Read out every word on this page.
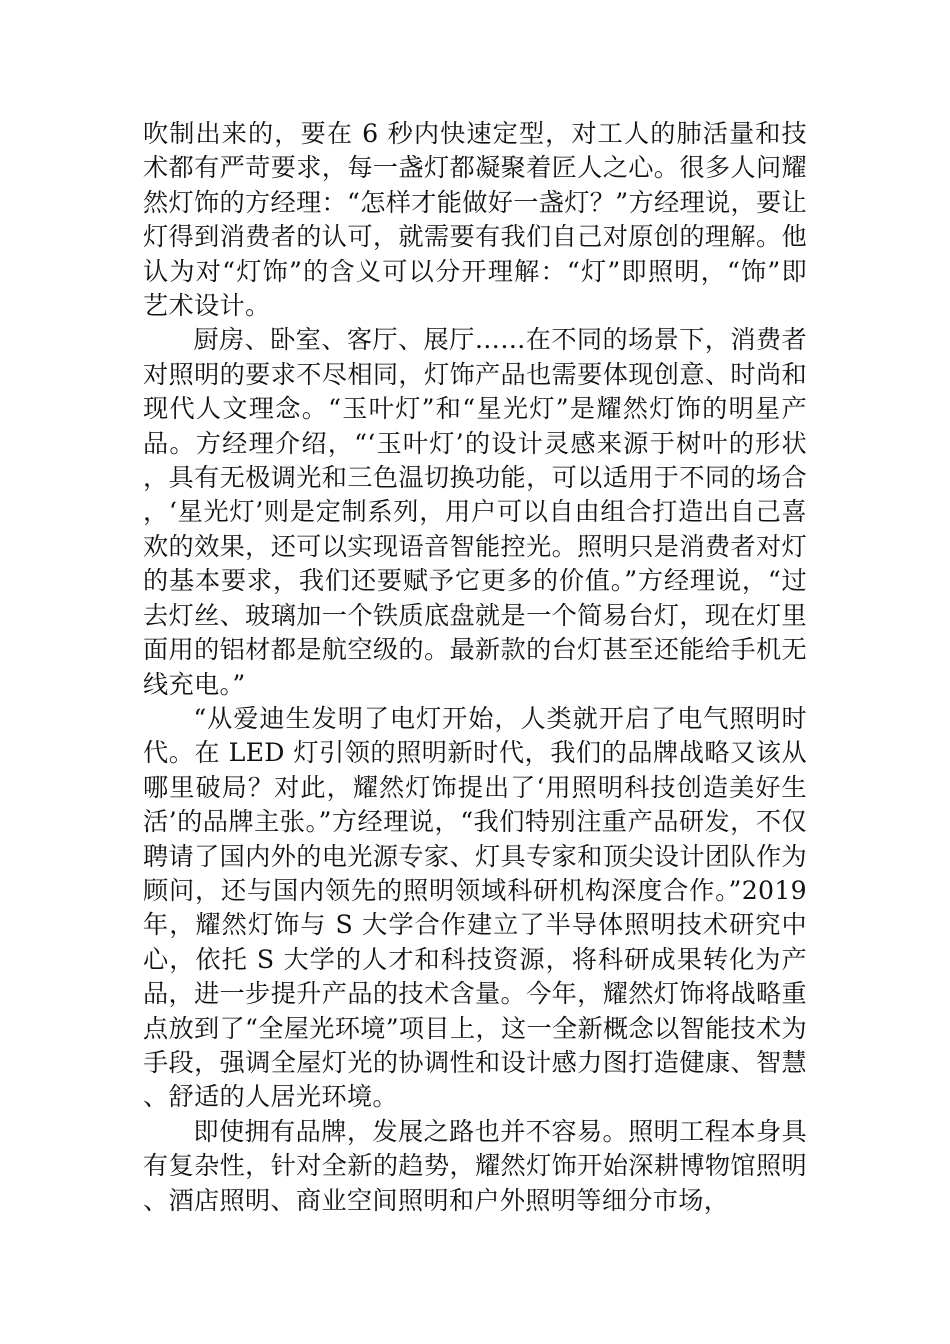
吹制出来的，要在 6 秒内快速定型，对工人的肺活量和技术都有严苛要求，每一盏灯都凝聚着匠人之心。很多人问耀然灯饰的方经理：“怎样才能做好一盏灯？”方经理说，要让灯得到消费者的认可，就需要有我们自己对原创的理解。他认为对“灯饰”的含义可以分开理解：“灯”即照明，“饰”即艺术设计。

厨房、卧室、客厅、展厅……在不同的场景下，消费者对照明的要求不尽相同，灯饰产品也需要体现创意、时尚和现代人文理念。“玉叶灯”和“星光灯”是耀然灯饰的明星产品。方经理介绍，“‘玉叶灯’的设计灵感来源于树叶的形状，具有无极调光和三色温切换功能，可以适用于不同的场合，‘星光灯’则是定制系列，用户可以自由组合打造出自己喜欢的效果，还可以实现语音智能控光。照明只是消费者对灯的基本要求，我们还要赋予它更多的价值。”方经理说，“过去灯丝、玻璃加一个铁质底盘就是一个简易台灯，现在灯里面用的铝材都是航空级的。最新款的台灯甚至还能给手机无线充电。”

“从爱迪生发明了电灯开始，人类就开启了电气照明时代。在 LED 灯引领的照明新时代，我们的品牌战略又该从哪里破局？对此，耀然灯饰提出了‘用照明科技创造美好生活’的品牌主张。”方经理说，“我们特别注重产品研发，不仅聘请了国内外的电光源专家、灯具专家和顶尖设计团队作为顾问，还与国内领先的照明领域科研机构深度合作。”2019 年，耀然灯饰与 S 大学合作建立了半导体照明技术研究中心，依托 S 大学的人才和科技资源，将科研成果转化为产品，进一步提升产品的技术含量。今年，耀然灯饰将战略重点放到了“全屋光环境”项目上，这一全新概念以智能技术为手段，强调全屋灯光的协调性和设计感力图打造健康、智慧、舒适的人居光环境。

即使拥有品牌，发展之路也并不容易。照明工程本身具有复杂性，针对全新的趋势，耀然灯饰开始深耕博物馆照明、酒店照明、商业空间照明和户外照明等细分市场，
